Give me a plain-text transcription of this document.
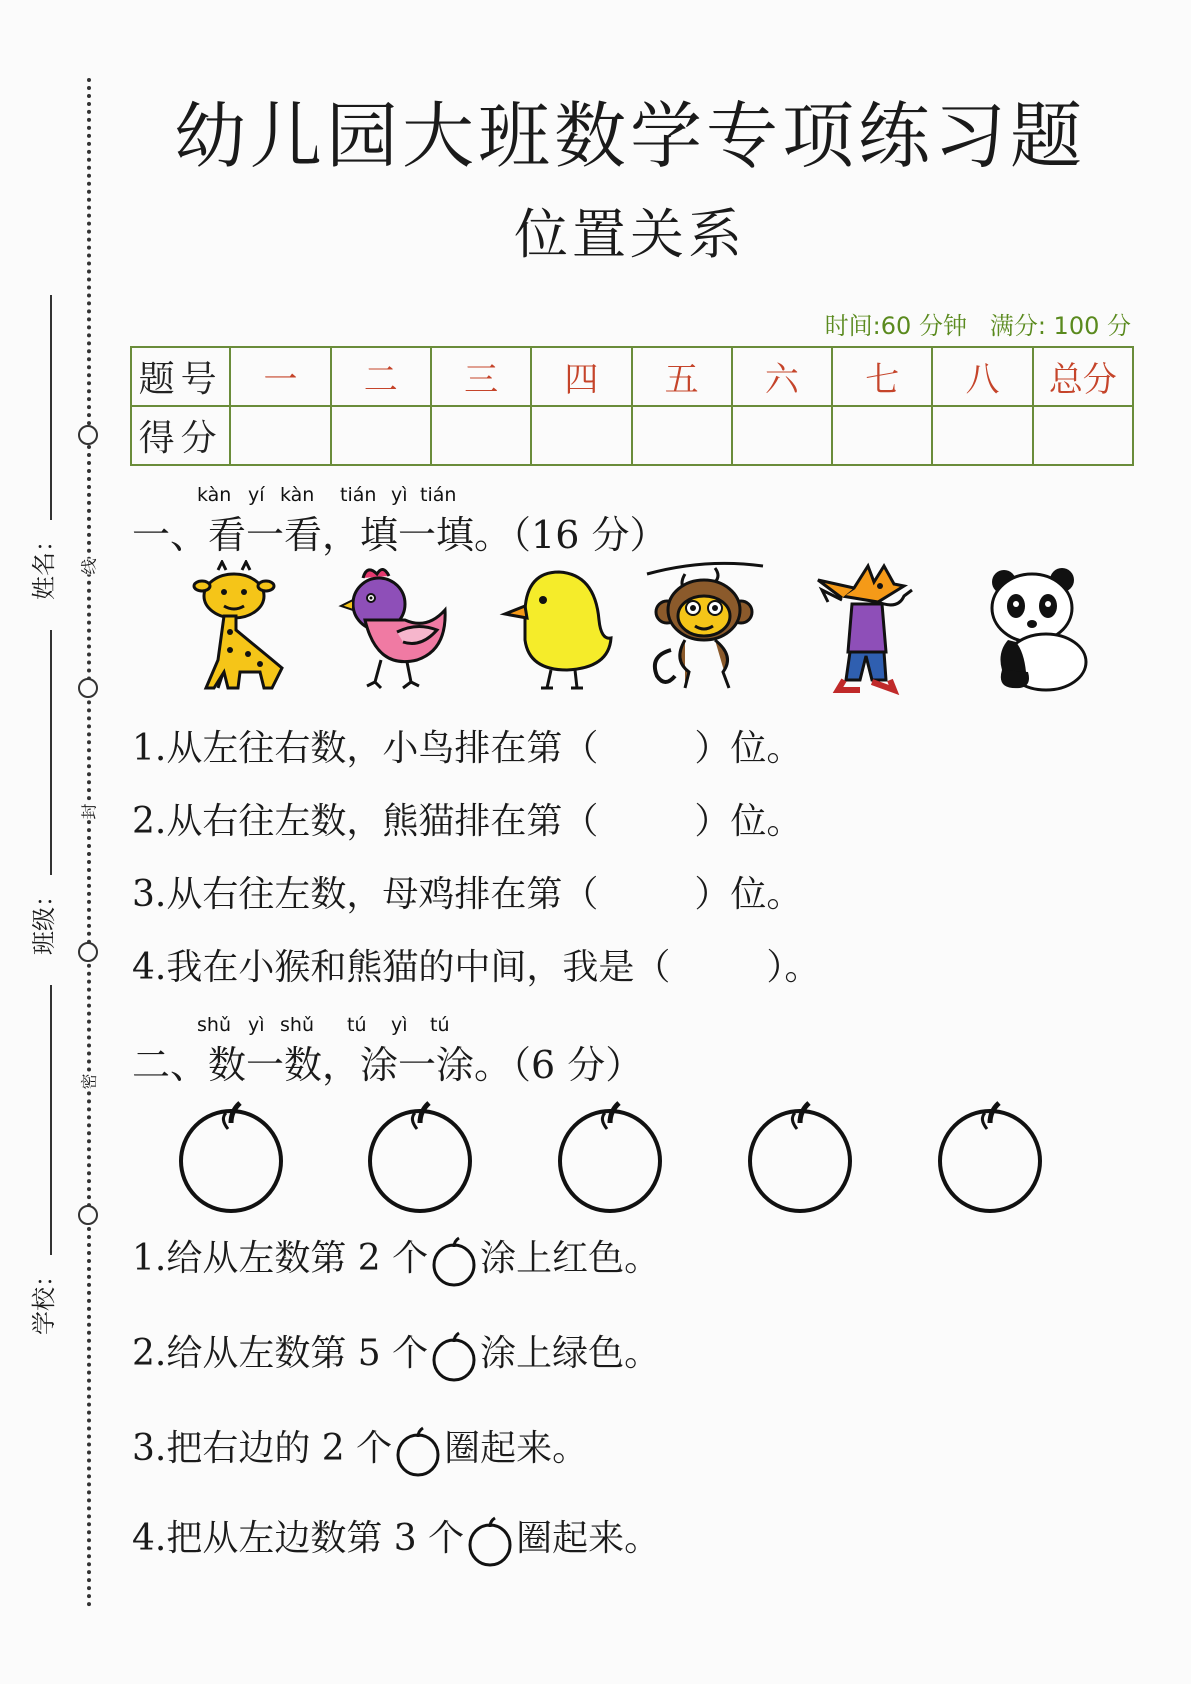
线
封
密
姓名：
班级：
学校：
幼儿园大班数学专项练习题
位置关系
时间:60 分钟 满分: 100 分
题号	一	二	三	四	五	六	七	八	总分
得分									
kàn yí kàn tián yì tián
一、看一看，填一填。（16 分）
1.从左往右数，小鸟排在第（	）位。
2.从右往左数，熊猫排在第（	）位。
3.从右往左数，母鸡排在第（	）位。
4.我在小猴和熊猫的中间，我是（	）。
shǔ yì shǔ tú yì tú
二、数一数，涂一涂。（6 分）
1.给从左数第 2 个 涂上红色。
2.给从左数第 5 个 涂上绿色。
3.把右边的 2 个 圈起来。
4.把从左边数第 3 个 圈起来。
